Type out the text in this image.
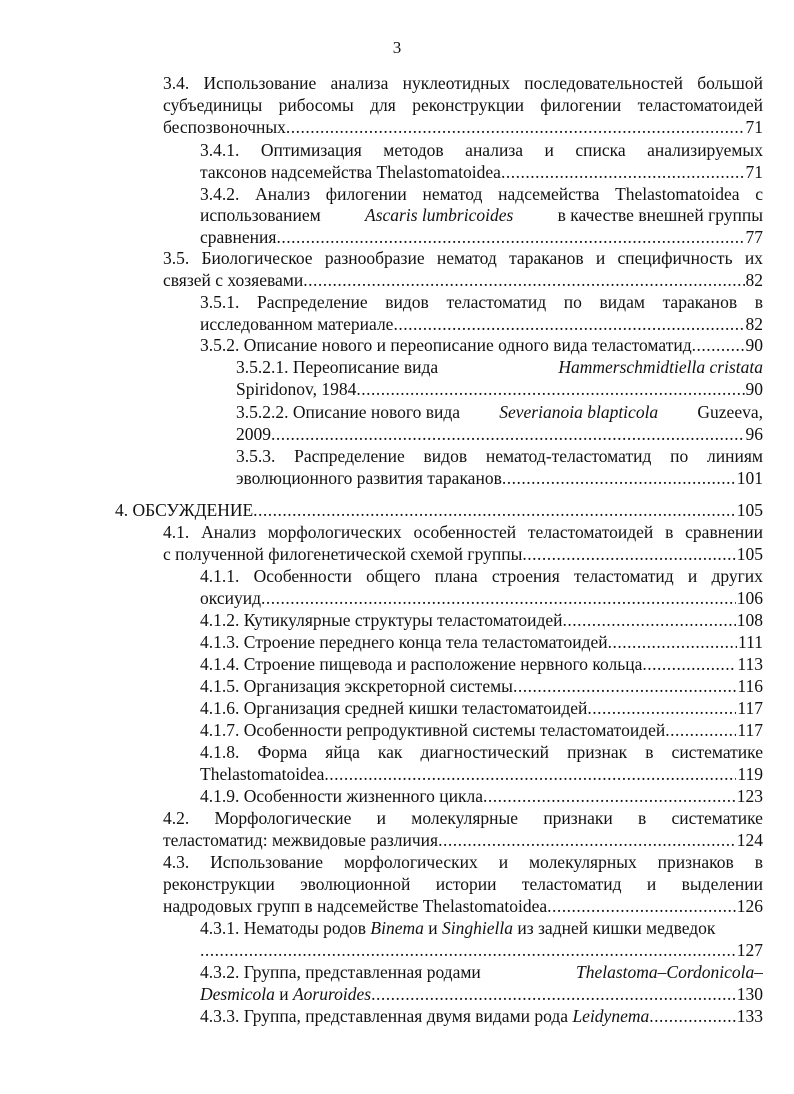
3
3.4. Использование анализа нуклеотидных последовательностей большой
субъединицы рибосомы для реконструкции филогении теластоматоидей
беспозвоночных .....	71
3.4.1. Оптимизация методов анализа и списка анализируемых
таксонов надсемейства Thelastomatoidea .....	71
3.4.2. Анализ филогении нематод надсемейства Thelastomatoidea с
использованием	Ascaris lumbricoides	в качестве внешней группы
сравнения .....	77
3.5. Биологическое разнообразие нематод тараканов и специфичность их
связей с хозяевами .....	82
3.5.1. Распределение видов теластоматид по видам тараканов в
исследованном материале .....	82
3.5.2. Описание нового и переописание одного вида теластоматид .....	90
3.5.2.1. Переописание вида	Hammerschmidtiella cristata
Spiridonov, 1984 .....	90
3.5.2.2. Описание нового вида Severianoia blapticola Guzeeva,
2009 .....	96
3.5.3. Распределение видов нематод-теластоматид по линиям
эволюционного развития тараканов .....	101
4. ОБСУЖДЕНИЕ .....	105
4.1. Анализ морфологических особенностей теластоматоидей в сравнении
с полученной филогенетической схемой группы .....	105
4.1.1. Особенности общего плана строения теластоматид и других
оксиуид .....	106
4.1.2. Кутикулярные структуры теластоматоидей .....	108
4.1.3. Строение переднего конца тела теластоматоидей .....	111
4.1.4. Строение пищевода и расположение нервного кольца .....	113
4.1.5. Организация экскреторной системы .....	116
4.1.6. Организация средней кишки теластоматоидей .....	117
4.1.7. Особенности репродуктивной системы теластоматоидей .....	117
4.1.8. Форма яйца как диагностический признак в систематике
Thelastomatoidea .....	119
4.1.9. Особенности жизненного цикла .....	123
4.2. Морфологические и молекулярные признаки в систематике
теластоматид: межвидовые различия .....	124
4.3. Использование морфологических и молекулярных признаков в
реконструкции эволюционной истории теластоматид и выделении
надродовых групп в надсемействе Thelastomatoidea .....	126
4.3.1. Нематоды родов Binema и Singhiella из задней кишки медведок
.....
127
4.3.2. Группа, представленная родами	Thelastoma–Cordonicola–
Desmicola и Aoruroides .....	130
4.3.3. Группа, представленная двумя видами рода Leidynema .....	133
